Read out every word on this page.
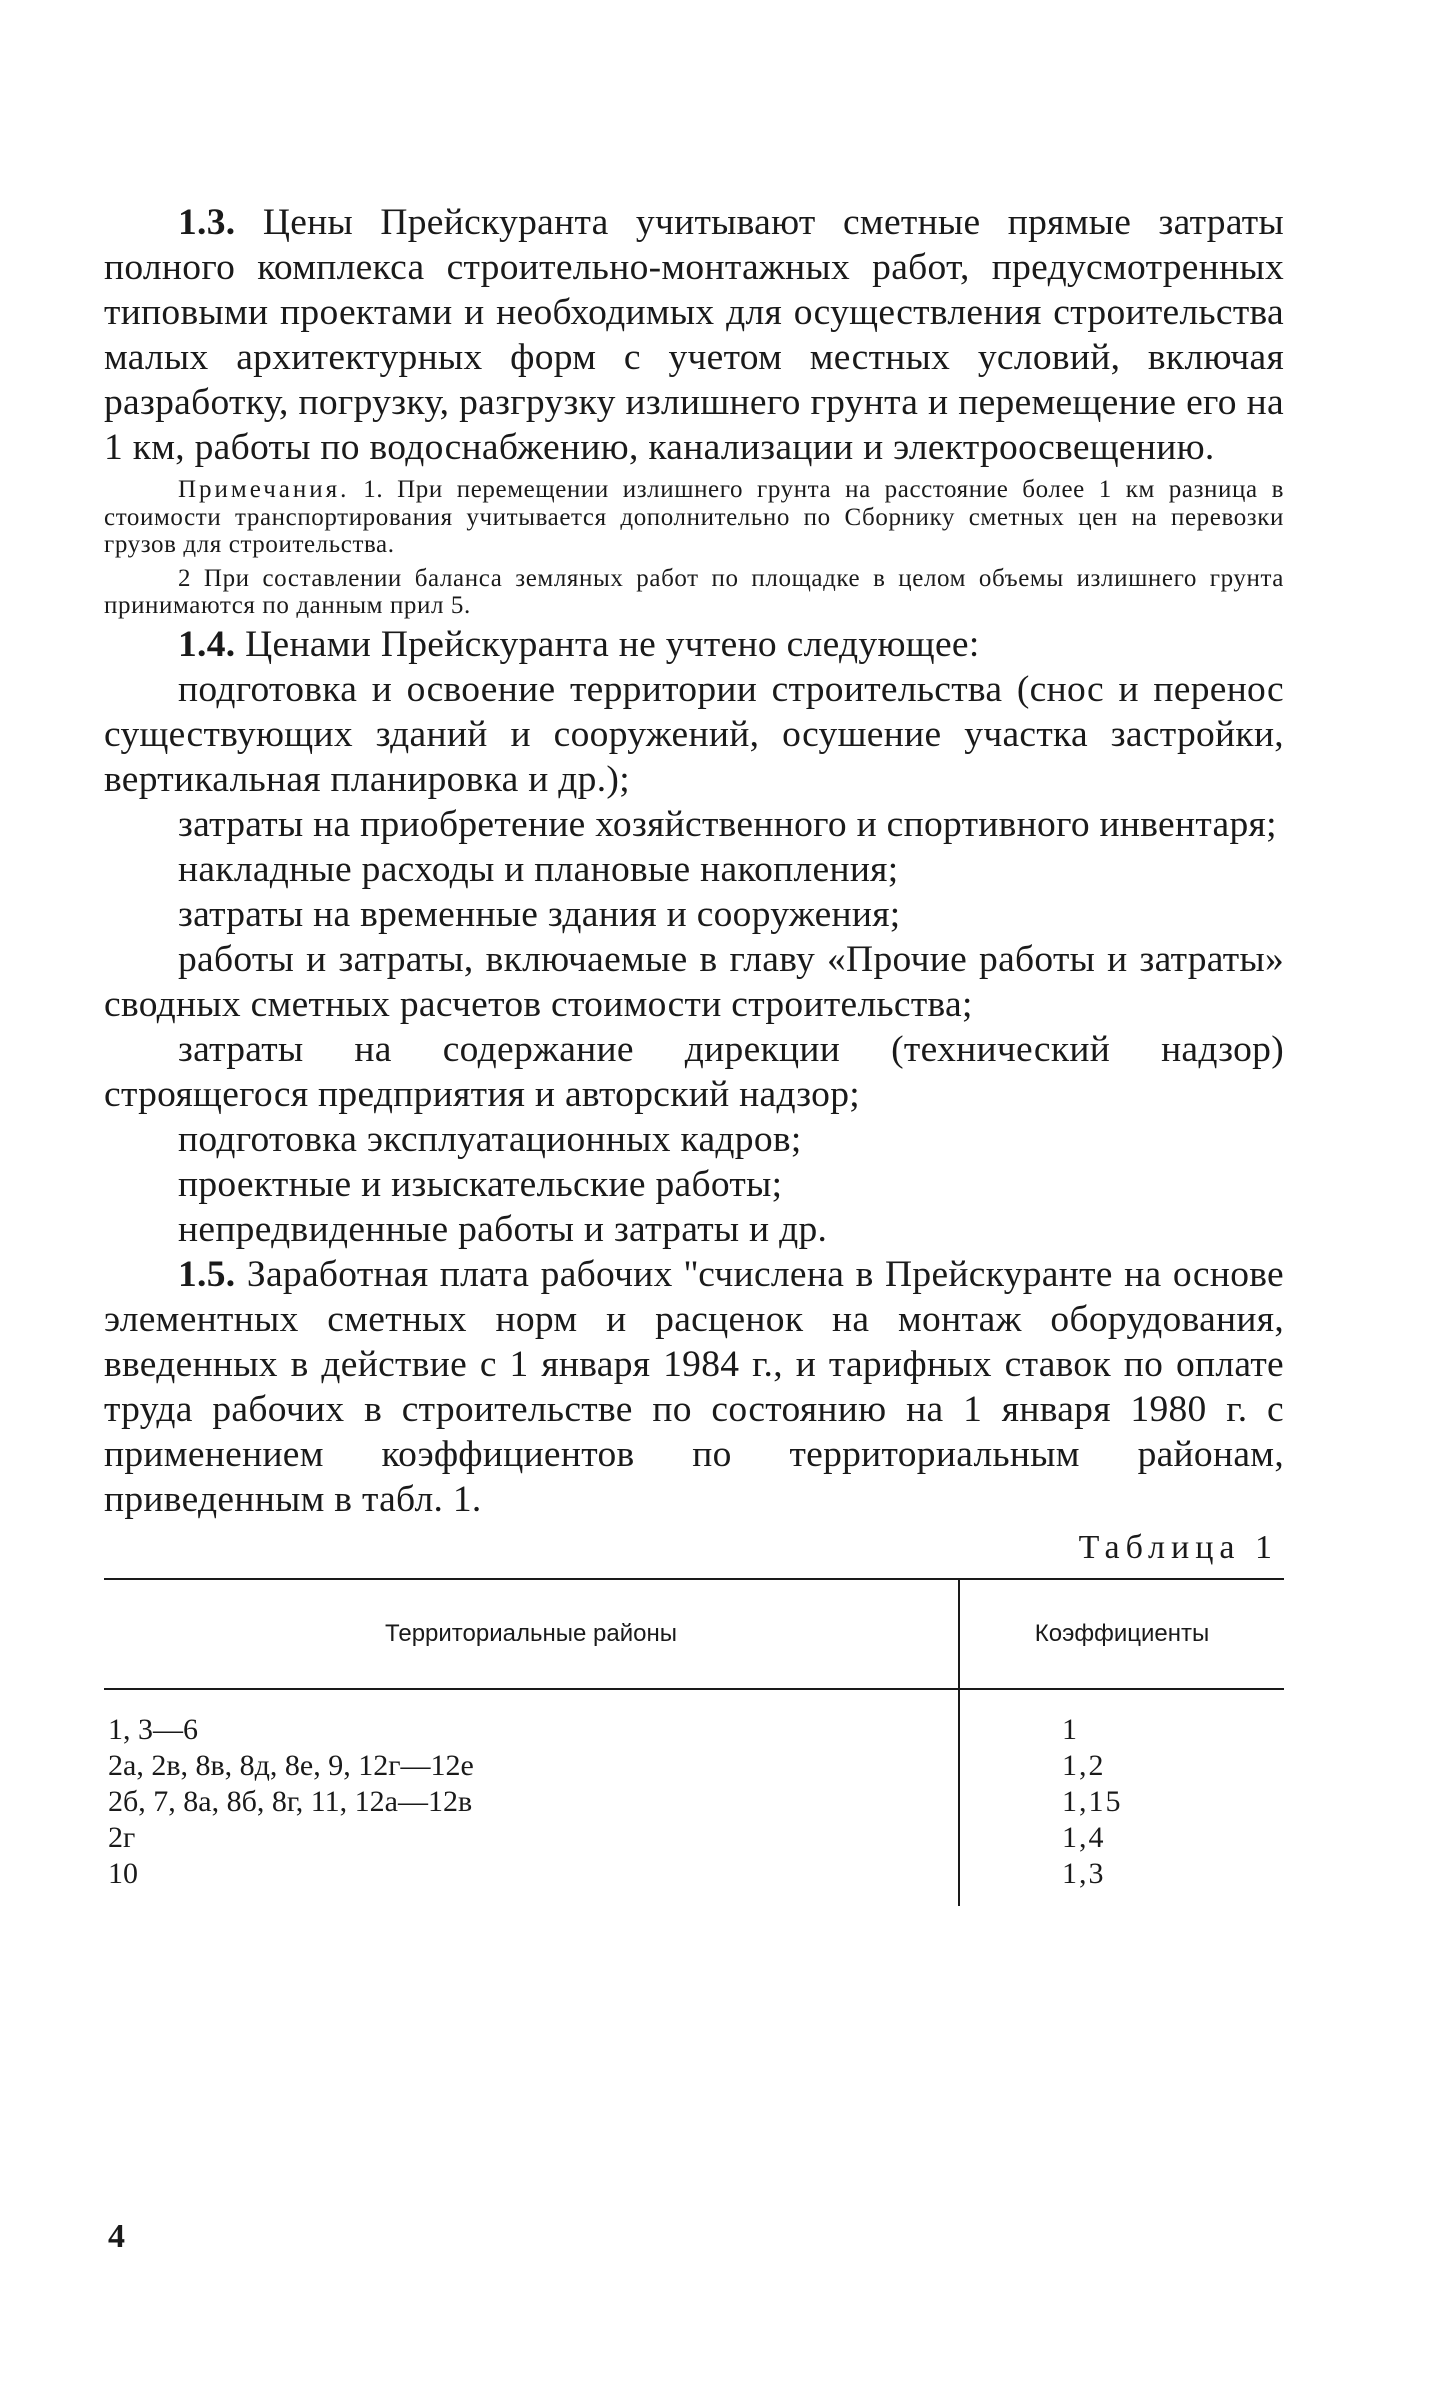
1.3. Цены Прейскуранта учитывают сметные прямые затраты полного комплекса строительно-монтажных работ, предусмотренных типовыми проектами и необходимых для осуществления строительства малых архитектурных форм с учетом местных условий, включая разработку, погрузку, разгрузку излишнего грунта и перемещение его на 1 км, работы по водоснабжению, канализации и электроосвещению.

Примечания. 1. При перемещении излишнего грунта на расстояние более 1 км разница в стоимости транспортирования учитывается дополнительно по Сборнику сметных цен на перевозки грузов для строительства.

2 При составлении баланса земляных работ по площадке в целом объемы излишнего грунта принимаются по данным прил 5.

1.4. Ценами Прейскуранта не учтено следующее:

подготовка и освоение территории строительства (снос и перенос существующих зданий и сооружений, осушение участка застройки, вертикальная планировка и др.);

затраты на приобретение хозяйственного и спортивного инвентаря;

накладные расходы и плановые накопления;

затраты на временные здания и сооружения;

работы и затраты, включаемые в главу «Прочие работы и затраты» сводных сметных расчетов стоимости строительства;

затраты на содержание дирекции (технический надзор) строящегося предприятия и авторский надзор;

подготовка эксплуатационных кадров;

проектные и изыскательские работы;

непредвиденные работы и затраты и др.

1.5. Заработная плата рабочих ''счислена в Прейскуранте на основе элементных сметных норм и расценок на монтаж оборудования, введенных в действие с 1 января 1984 г., и тарифных ставок по оплате труда рабочих в строительстве по состоянию на 1 января 1980 г. с применением коэффициентов по территориальным районам, приведенным в табл. 1.

Таблица 1
Территориальные районы	Коэффициенты
1, 3—6	1
2а, 2в, 8в, 8д, 8е, 9, 12г—12е	1,2
2б, 7, 8а, 8б, 8г, 11, 12а—12в	1,15
2г	1,4
10	1,3
4
